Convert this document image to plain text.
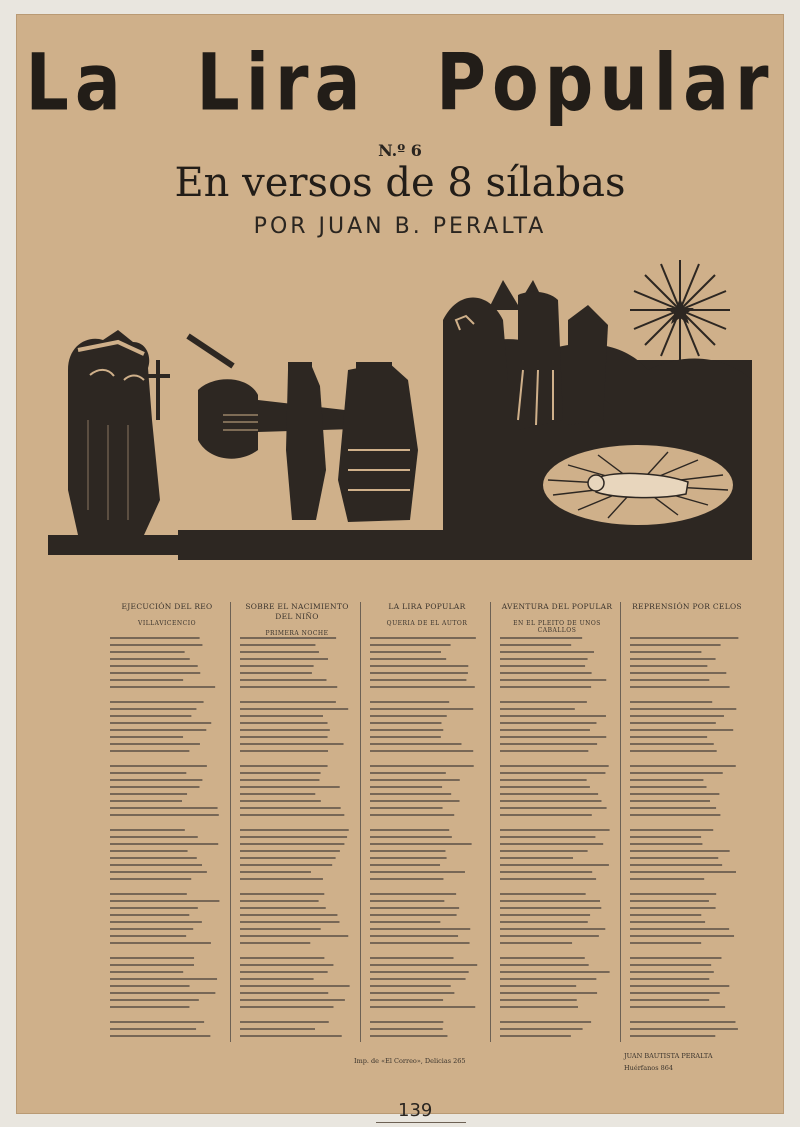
La Lira Popular
N.º 6
En versos de 8 sílabas
POR JUAN B. PERALTA
EJECUCIÓN DEL REO
VILLAVICENCIO
SOBRE EL NACIMIENTO DEL NIÑO
PRIMERA NOCHE
LA LIRA POPULAR
QUERIA DE EL AUTOR
AVENTURA DEL POPULAR
EN EL PLEITO DE UNOS CABALLOS
REPRENSIÓN POR CELOS
Imp. de «El Correo», Delicias 265
JUAN BAUTISTA PERALTA
Huérfanos 864
139
